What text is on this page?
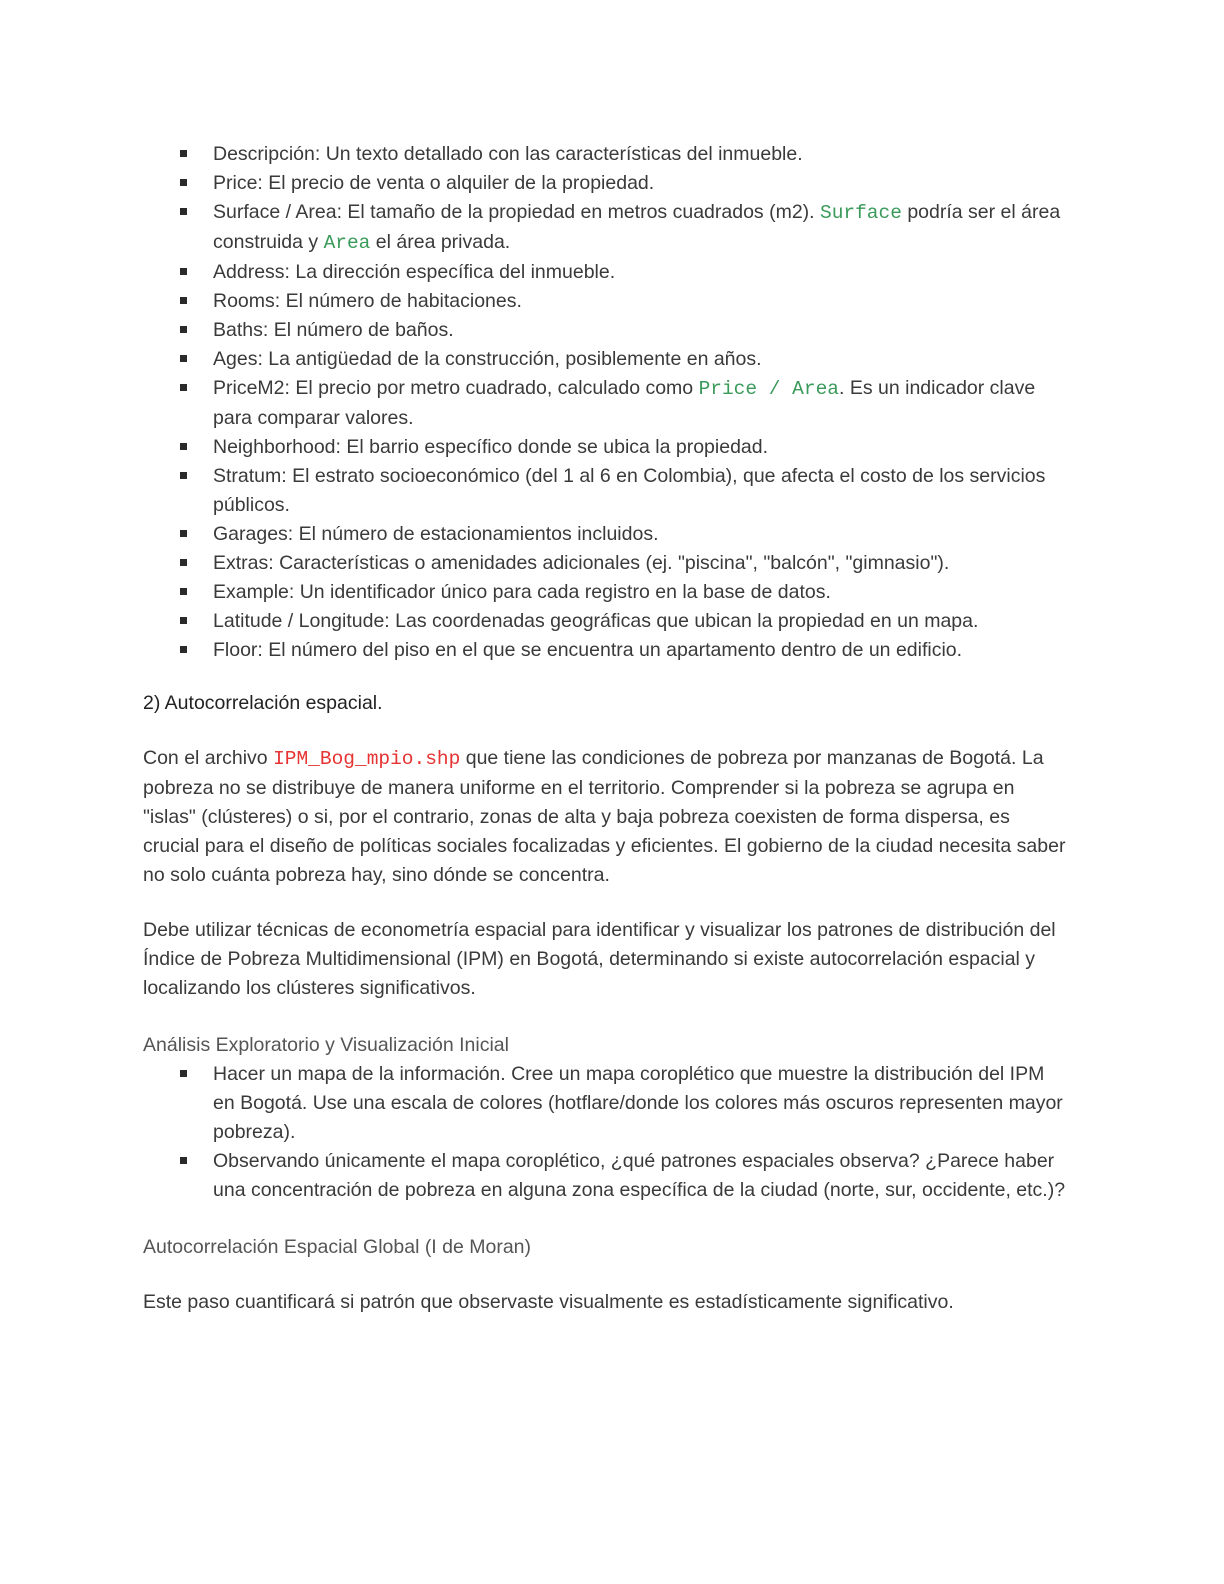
Descripción: Un texto detallado con las características del inmueble.
Price: El precio de venta o alquiler de la propiedad.
Surface / Area: El tamaño de la propiedad en metros cuadrados (m2). Surface podría ser el área construida y Area el área privada.
Address: La dirección específica del inmueble.
Rooms: El número de habitaciones.
Baths: El número de baños.
Ages: La antigüedad de la construcción, posiblemente en años.
PriceM2: El precio por metro cuadrado, calculado como Price / Area. Es un indicador clave para comparar valores.
Neighborhood: El barrio específico donde se ubica la propiedad.
Stratum: El estrato socioeconómico (del 1 al 6 en Colombia), que afecta el costo de los servicios públicos.
Garages: El número de estacionamientos incluidos.
Extras: Características o amenidades adicionales (ej. "piscina", "balcón", "gimnasio").
Example: Un identificador único para cada registro en la base de datos.
Latitude / Longitude: Las coordenadas geográficas que ubican la propiedad en un mapa.
Floor: El número del piso en el que se encuentra un apartamento dentro de un edificio.

2) Autocorrelación espacial.

Con el archivo IPM_Bog_mpio.shp que tiene las condiciones de pobreza por manzanas de Bogotá. La pobreza no se distribuye de manera uniforme en el territorio. Comprender si la pobreza se agrupa en "islas" (clústeres) o si, por el contrario, zonas de alta y baja pobreza coexisten de forma dispersa, es crucial para el diseño de políticas sociales focalizadas y eficientes. El gobierno de la ciudad necesita saber no solo cuánta pobreza hay, sino dónde se concentra.

Debe utilizar técnicas de econometría espacial para identificar y visualizar los patrones de distribución del Índice de Pobreza Multidimensional (IPM) en Bogotá, determinando si existe autocorrelación espacial y localizando los clústeres significativos.

Análisis Exploratorio y Visualización Inicial

Hacer un mapa de la información. Cree un mapa coroplético que muestre la distribución del IPM en Bogotá. Use una escala de colores (hotflare/donde los colores más oscuros representen mayor pobreza).
Observando únicamente el mapa coroplético, ¿qué patrones espaciales observa? ¿Parece haber una concentración de pobreza en alguna zona específica de la ciudad (norte, sur, occidente, etc.)?

Autocorrelación Espacial Global (I de Moran)

Este paso cuantificará si patrón que observaste visualmente es estadísticamente significativo.
